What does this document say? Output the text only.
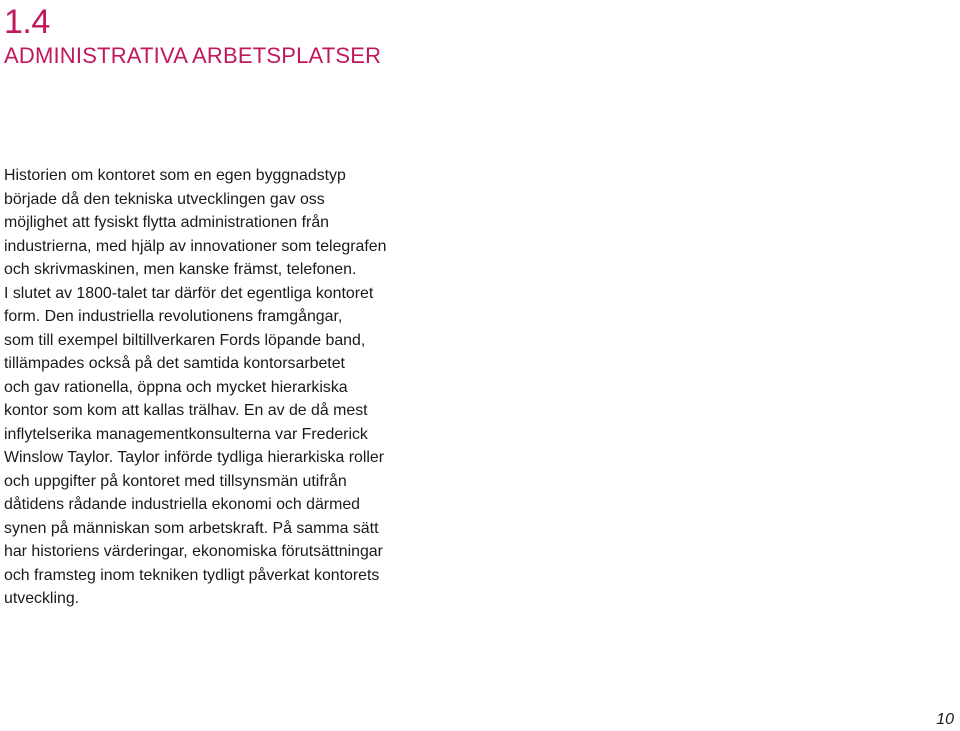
1.4
ADMINISTRATIVA ARBETSPLATSER

Historien om kontoret som en egen byggnadstyp
började då den tekniska utvecklingen gav oss
möjlighet att fysiskt flytta administrationen från
industrierna, med hjälp av innovationer som telegrafen
och skrivmaskinen, men kanske främst, telefonen.
I slutet av 1800-talet tar därför det egentliga kontoret
form. Den industriella revolutionens framgångar,
som till exempel biltillverkaren Fords löpande band,
tillämpades också på det samtida kontorsarbetet
och gav rationella, öppna och mycket hierarkiska
kontor som kom att kallas trälhav. En av de då mest
inflytelserika managementkonsulterna var Frederick
Winslow Taylor. Taylor införde tydliga hierarkiska roller
och uppgifter på kontoret med tillsynsmän utifrån
dåtidens rådande industriella ekonomi och därmed
synen på människan som arbetskraft. På samma sätt
har historiens värderingar, ekonomiska förutsättningar
och framsteg inom tekniken tydligt påverkat kontorets
utveckling.

10
